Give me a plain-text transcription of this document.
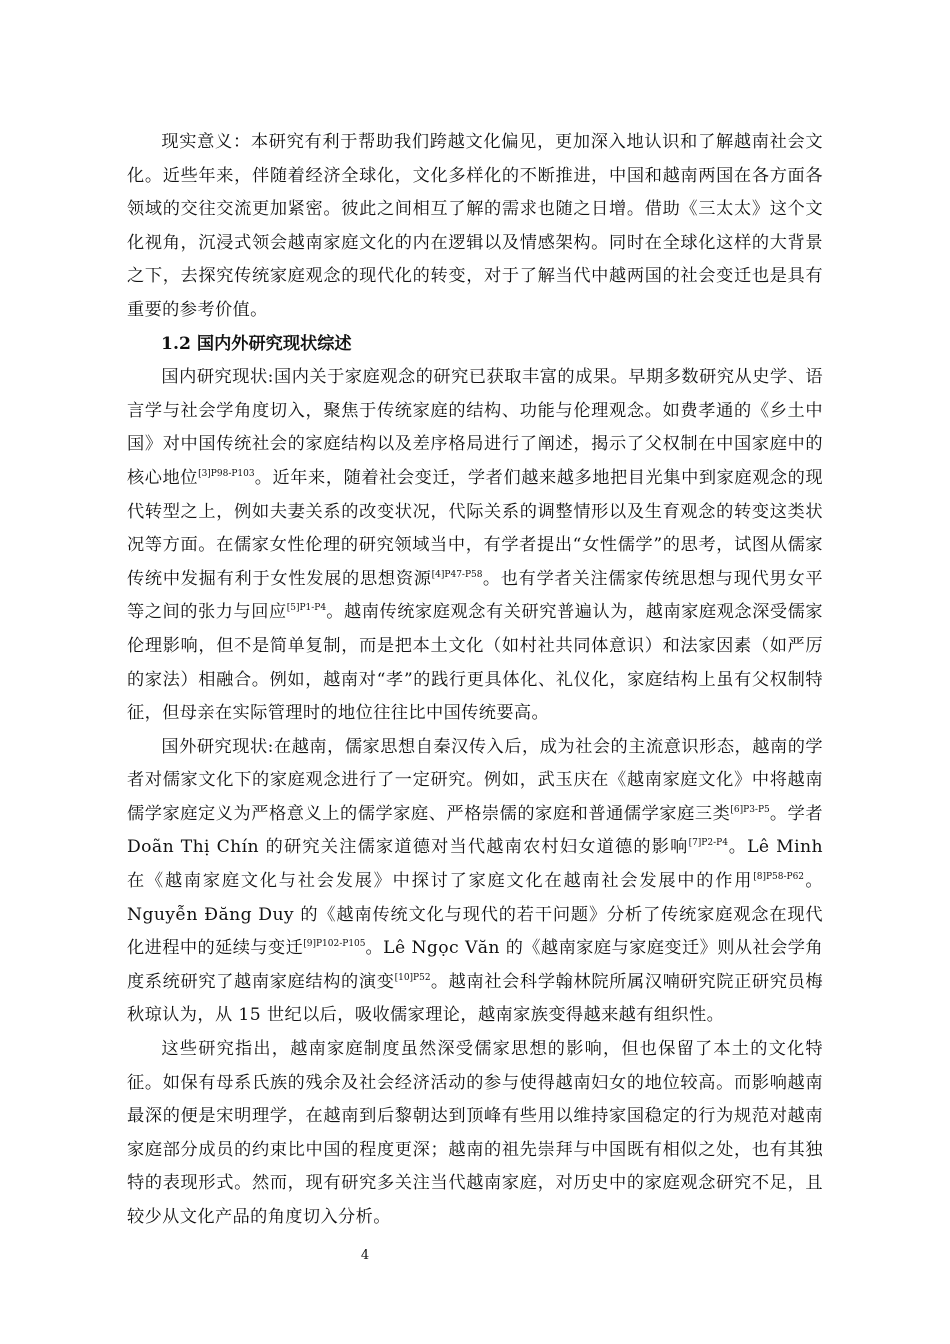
现实意义：本研究有利于帮助我们跨越文化偏见，更加深入地认识和了解越南社会文化。近些年来，伴随着经济全球化，文化多样化的不断推进，中国和越南两国在各方面各领域的交往交流更加紧密。彼此之间相互了解的需求也随之日增。借助《三太太》这个文化视角，沉浸式领会越南家庭文化的内在逻辑以及情感架构。同时在全球化这样的大背景之下，去探究传统家庭观念的现代化的转变，对于了解当代中越两国的社会变迁也是具有重要的参考价值。

1.2 国内外研究现状综述

国内研究现状:国内关于家庭观念的研究已获取丰富的成果。早期多数研究从史学、语言学与社会学角度切入，聚焦于传统家庭的结构、功能与伦理观念。如费孝通的《乡土中国》对中国传统社会的家庭结构以及差序格局进行了阐述，揭示了父权制在中国家庭中的核心地位$^{[3]P98-P103}$。近年来，随着社会变迁，学者们越来越多地把目光集中到家庭观念的现代转型之上，例如夫妻关系的改变状况，代际关系的调整情形以及生育观念的转变这类状况等方面。在儒家女性伦理的研究领域当中，有学者提出“女性儒学”的思考，试图从儒家传统中发掘有利于女性发展的思想资源$^{[4]P47-P58}$。也有学者关注儒家传统思想与现代男女平等之间的张力与回应$^{[5]P1-P4}$。越南传统家庭观念有关研究普遍认为，越南家庭观念深受儒家伦理影响，但不是简单复制，而是把本土文化（如村社共同体意识）和法家因素（如严厉的家法）相融合。例如，越南对“孝”的践行更具体化、礼仪化，家庭结构上虽有父权制特征，但母亲在实际管理时的地位往往比中国传统要高。

国外研究现状:在越南，儒家思想自秦汉传入后，成为社会的主流意识形态，越南的学者对儒家文化下的家庭观念进行了一定研究。例如，武玉庆在《越南家庭文化》中将越南儒学家庭定义为严格意义上的儒学家庭、严格崇儒的家庭和普通儒学家庭三类$^{[6]P3-P5}$。学者 Doãn Thị Chín 的研究关注儒家道德对当代越南农村妇女道德的影响$^{[7]P2-P4}$。Lê Minh 在《越南家庭文化与社会发展》中探讨了家庭文化在越南社会发展中的作用$^{[8]P58-P62}$。Nguyễn Đăng Duy 的《越南传统文化与现代的若干问题》分析了传统家庭观念在现代化进程中的延续与变迁$^{[9]P102-P105}$。Lê Ngọc Văn 的《越南家庭与家庭变迁》则从社会学角度系统研究了越南家庭结构的演变$^{[10]P52}$。越南社会科学翰林院所属汉喃研究院正研究员梅秋琼认为，从 15 世纪以后，吸收儒家理论，越南家族变得越来越有组织性。

这些研究指出，越南家庭制度虽然深受儒家思想的影响，但也保留了本土的文化特征。如保有母系氏族的残余及社会经济活动的参与使得越南妇女的地位较高。而影响越南最深的便是宋明理学，在越南到后黎朝达到顶峰有些用以维持家国稳定的行为规范对越南家庭部分成员的约束比中国的程度更深；越南的祖先崇拜与中国既有相似之处，也有其独特的表现形式。然而，现有研究多关注当代越南家庭，对历史中的家庭观念研究不足，且较少从文化产品的角度切入分析。

4
